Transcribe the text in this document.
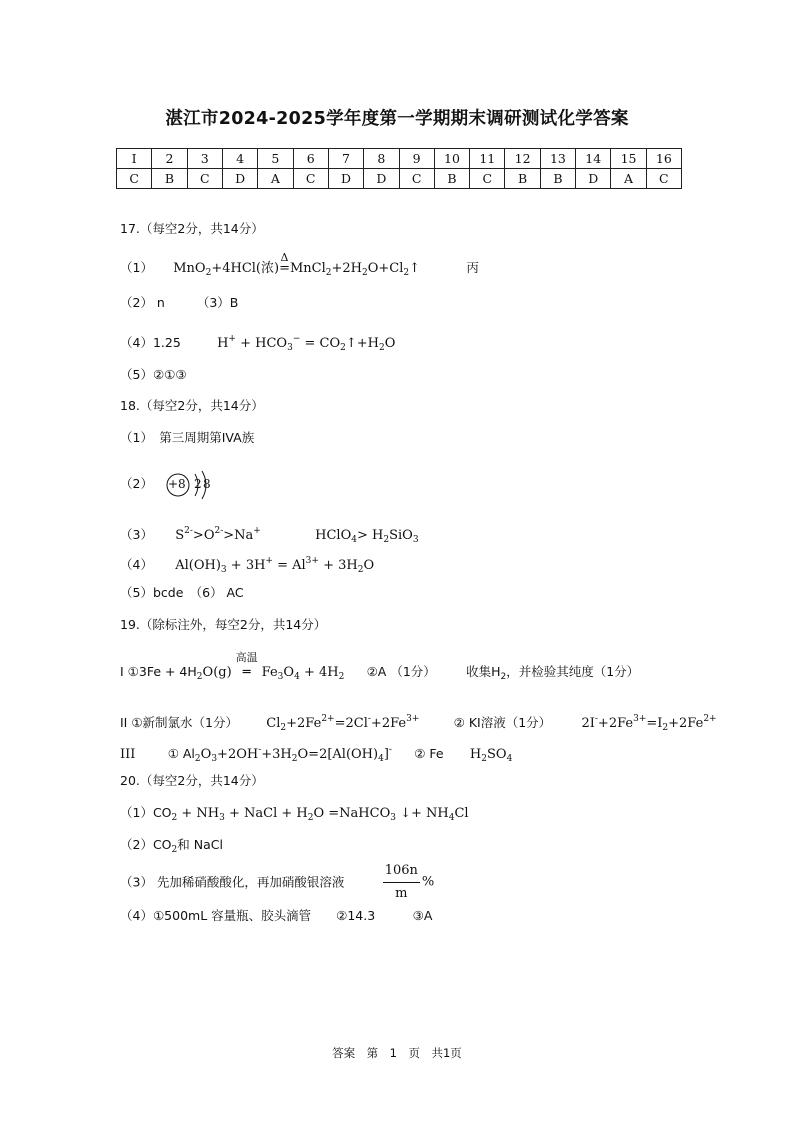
湛江市2024-2025学年度第一学期期末调研测试化学答案
I	2	3	4	5	6	7	8	9	10	11	12	13	14	15	16
C	B	C	D	A	C	D	D	C	B	C	B	B	D	A	C
17.（每空2分，共14分）
（1） MnO$_2$+4HCl(浓)
Δ
$=MnCl_2+2H_2O+Cl_2↑$	丙
（2） n	（3）B
（4）1.25	$H^+ + HCO_3^-$ = $CO_2↑+H_2O$
（5）②①③
18.（每空2分，共14分）
（1）　第三周期第IVA族
（2） +8 2 8
（3） $S^{2-}>O^{2-}>Na^+$	HClO$_4$> $H_2SiO_3$
（4） $Al(OH)_3 + 3H^+ = Al^{3+} + 3H_2O$
（5）bcde　（6） AC
19.（除标注外，每空2分，共14分）
I ①3Fe + $4H_2O(g)$
高温
═ $Fe_3O_4 + 4H_2$ ②A （1分） 收集$H_2$，并检验其纯度（1分）
II ①新制氯水（1分） $Cl_2+2Fe^{2+}=2Cl^-+2Fe^{3+}$	② KI溶液（1分） $2I^-+2Fe^{3+}=I_2+2Fe^{2+}$
III	① $Al_2O_3+2OH^-+3H_2O=2[Al(OH)_4]^-$ ② Fe $H_2SO_4$
20.（每空2分，共14分）
$(1)CO_2 + NH_3$ + NaCl + $H_2O$ =NaHCO$_3$ ↓+ $NH_4Cl$
$(2)CO_2$和 NaCl
（3） 先加稀硝酸酸化，再加硝酸银溶液	$\frac{106n}{m}$ %
（4）①500mL 容量瓶、胶头滴管　　②14.3　　　③A
答案　第　1　页　共1页
